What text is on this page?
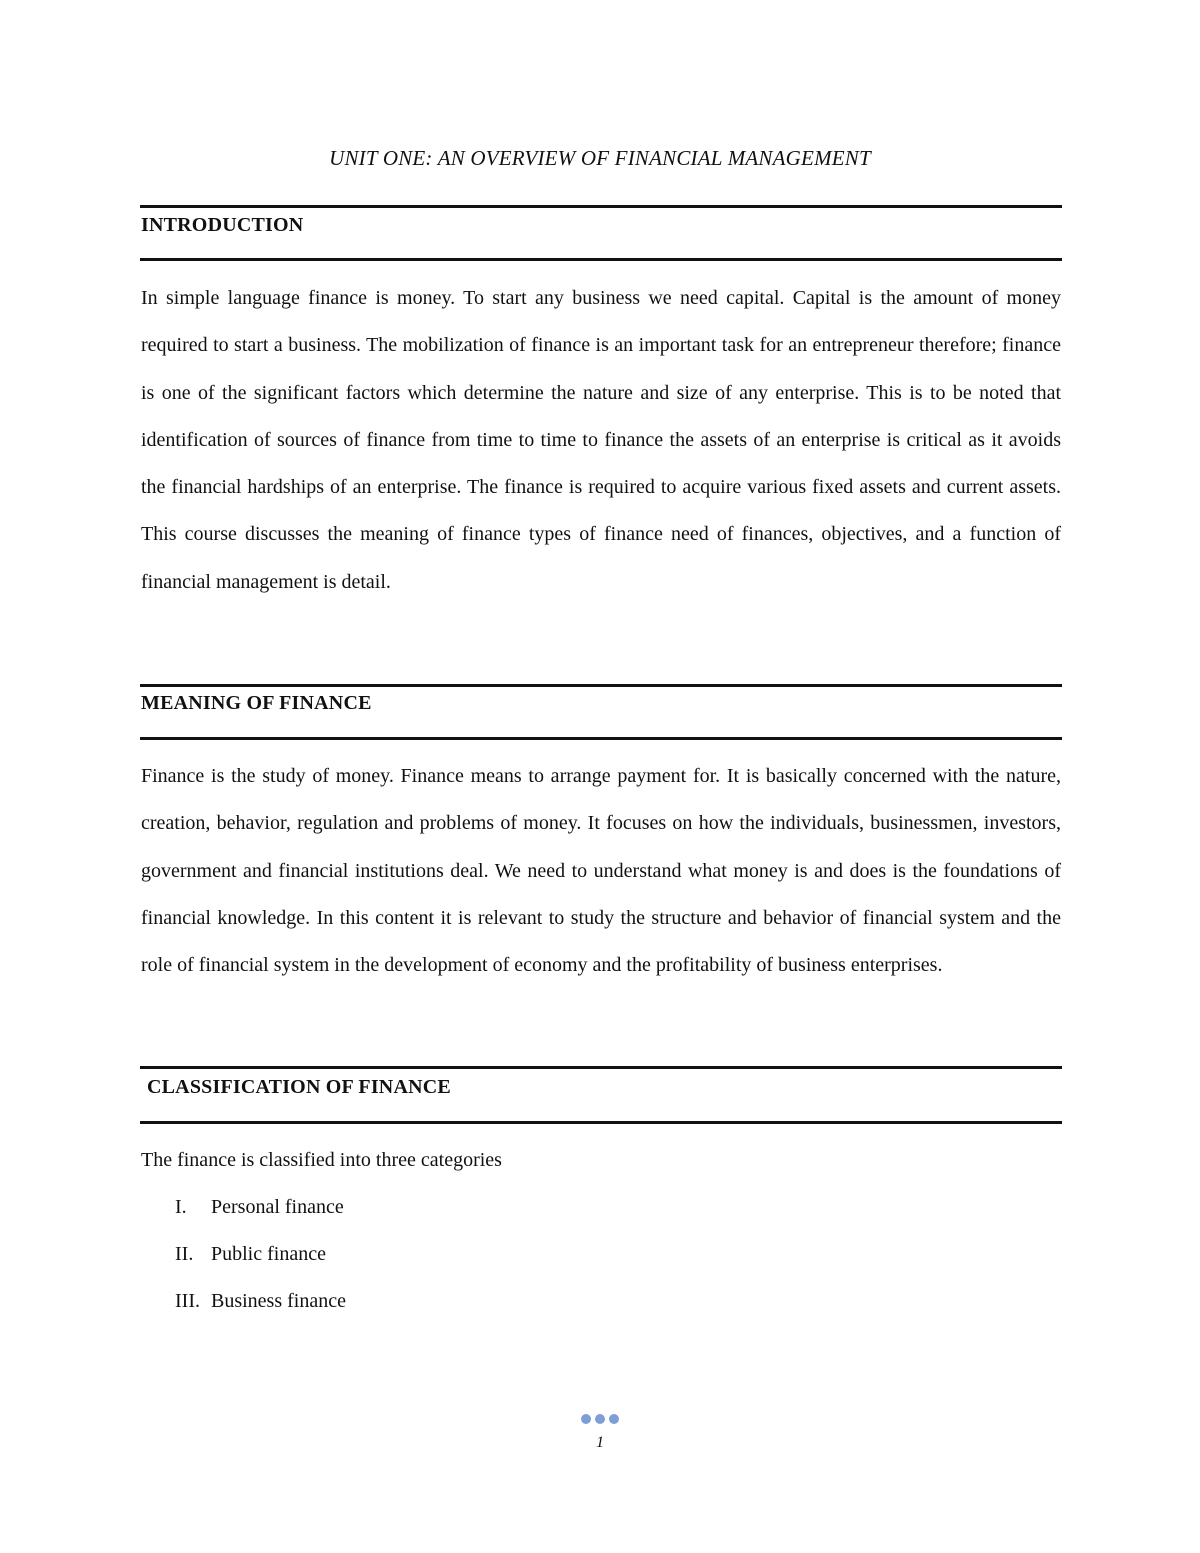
UNIT ONE: AN OVERVIEW OF FINANCIAL MANAGEMENT
INTRODUCTION

In simple language finance is money. To start any business we need capital. Capital is the amount of money required to start a business. The mobilization of finance is an important task for an entrepreneur therefore; finance is one of the significant factors which determine the nature and size of any enterprise. This is to be noted that identification of sources of finance from time to time to finance the assets of an enterprise is critical as it avoids the financial hardships of an enterprise. The finance is required to acquire various fixed assets and current assets. This course discusses the meaning of finance types of finance need of finances, objectives, and a function of financial management is detail.

MEANING OF FINANCE

Finance is the study of money. Finance means to arrange payment for. It is basically concerned with the nature, creation, behavior, regulation and problems of money. It focuses on how the individuals, businessmen, investors, government and financial institutions deal. We need to understand what money is and does is the foundations of financial knowledge. In this content it is relevant to study the structure and behavior of financial system and the role of financial system in the development of economy and the profitability of business enterprises.

CLASSIFICATION OF FINANCE
The finance is classified into three categories
I. Personal finance
II. Public finance
III. Business finance
1
